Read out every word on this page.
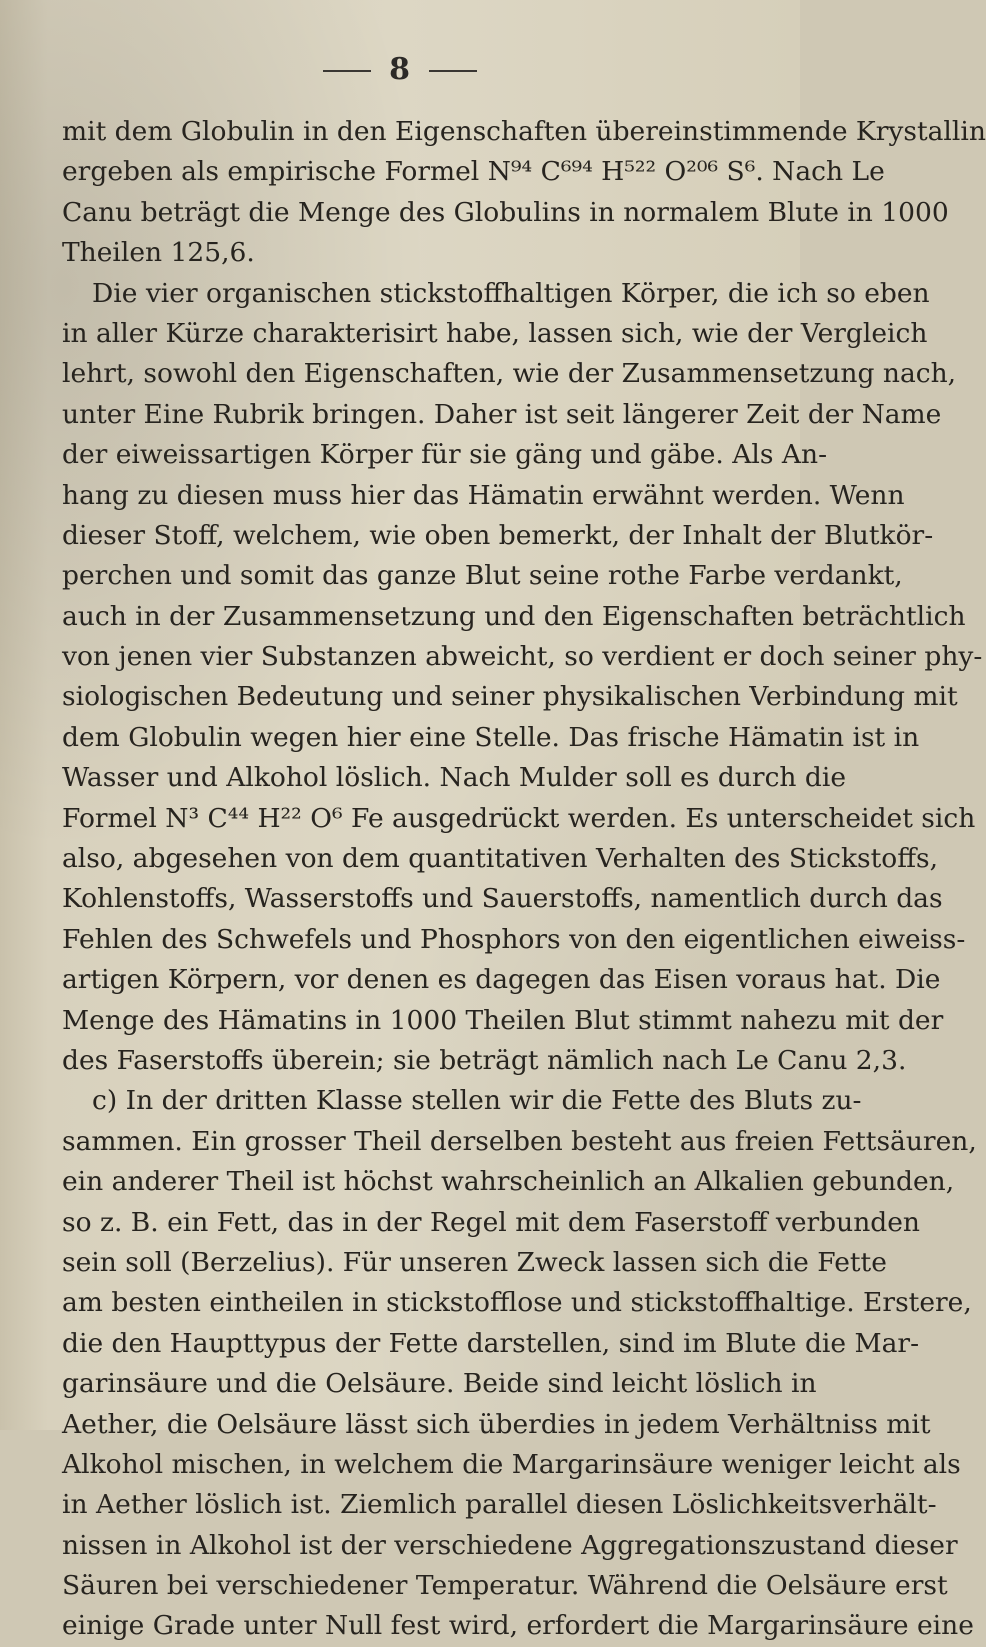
8
mit dem Globulin in den Eigenschaften übereinstimmende Krystallin
ergeben als empirische Formel N⁹⁴ C⁶⁹⁴ H⁵²² O²⁰⁶ S⁶. Nach Le
Canu beträgt die Menge des Globulins in normalem Blute in 1000
Theilen 125,6.
Die vier organischen stickstoffhaltigen Körper, die ich so eben
in aller Kürze charakterisirt habe, lassen sich, wie der Vergleich
lehrt, sowohl den Eigenschaften, wie der Zusammensetzung nach,
unter Eine Rubrik bringen. Daher ist seit längerer Zeit der Name
der eiweissartigen Körper für sie gäng und gäbe. Als An-
hang zu diesen muss hier das Hämatin erwähnt werden. Wenn
dieser Stoff, welchem, wie oben bemerkt, der Inhalt der Blutkör-
perchen und somit das ganze Blut seine rothe Farbe verdankt,
auch in der Zusammensetzung und den Eigenschaften beträchtlich
von jenen vier Substanzen abweicht, so verdient er doch seiner phy-
siologischen Bedeutung und seiner physikalischen Verbindung mit
dem Globulin wegen hier eine Stelle. Das frische Hämatin ist in
Wasser und Alkohol löslich. Nach Mulder soll es durch die
Formel N³ C⁴⁴ H²² O⁶ Fe ausgedrückt werden. Es unterscheidet sich
also, abgesehen von dem quantitativen Verhalten des Stickstoffs,
Kohlenstoffs, Wasserstoffs und Sauerstoffs, namentlich durch das
Fehlen des Schwefels und Phosphors von den eigentlichen eiweiss-
artigen Körpern, vor denen es dagegen das Eisen voraus hat. Die
Menge des Hämatins in 1000 Theilen Blut stimmt nahezu mit der
des Faserstoffs überein; sie beträgt nämlich nach Le Canu 2,3.
c) In der dritten Klasse stellen wir die Fette des Bluts zu-
sammen. Ein grosser Theil derselben besteht aus freien Fettsäuren,
ein anderer Theil ist höchst wahrscheinlich an Alkalien gebunden,
so z. B. ein Fett, das in der Regel mit dem Faserstoff verbunden
sein soll (Berzelius). Für unseren Zweck lassen sich die Fette
am besten eintheilen in stickstofflose und stickstoffhaltige. Erstere,
die den Haupttypus der Fette darstellen, sind im Blute die Mar-
garinsäure und die Oelsäure. Beide sind leicht löslich in
Aether, die Oelsäure lässt sich überdies in jedem Verhältniss mit
Alkohol mischen, in welchem die Margarinsäure weniger leicht als
in Aether löslich ist. Ziemlich parallel diesen Löslichkeitsverhält-
nissen in Alkohol ist der verschiedene Aggregationszustand dieser
Säuren bei verschiedener Temperatur. Während die Oelsäure erst
einige Grade unter Null fest wird, erfordert die Margarinsäure eine
